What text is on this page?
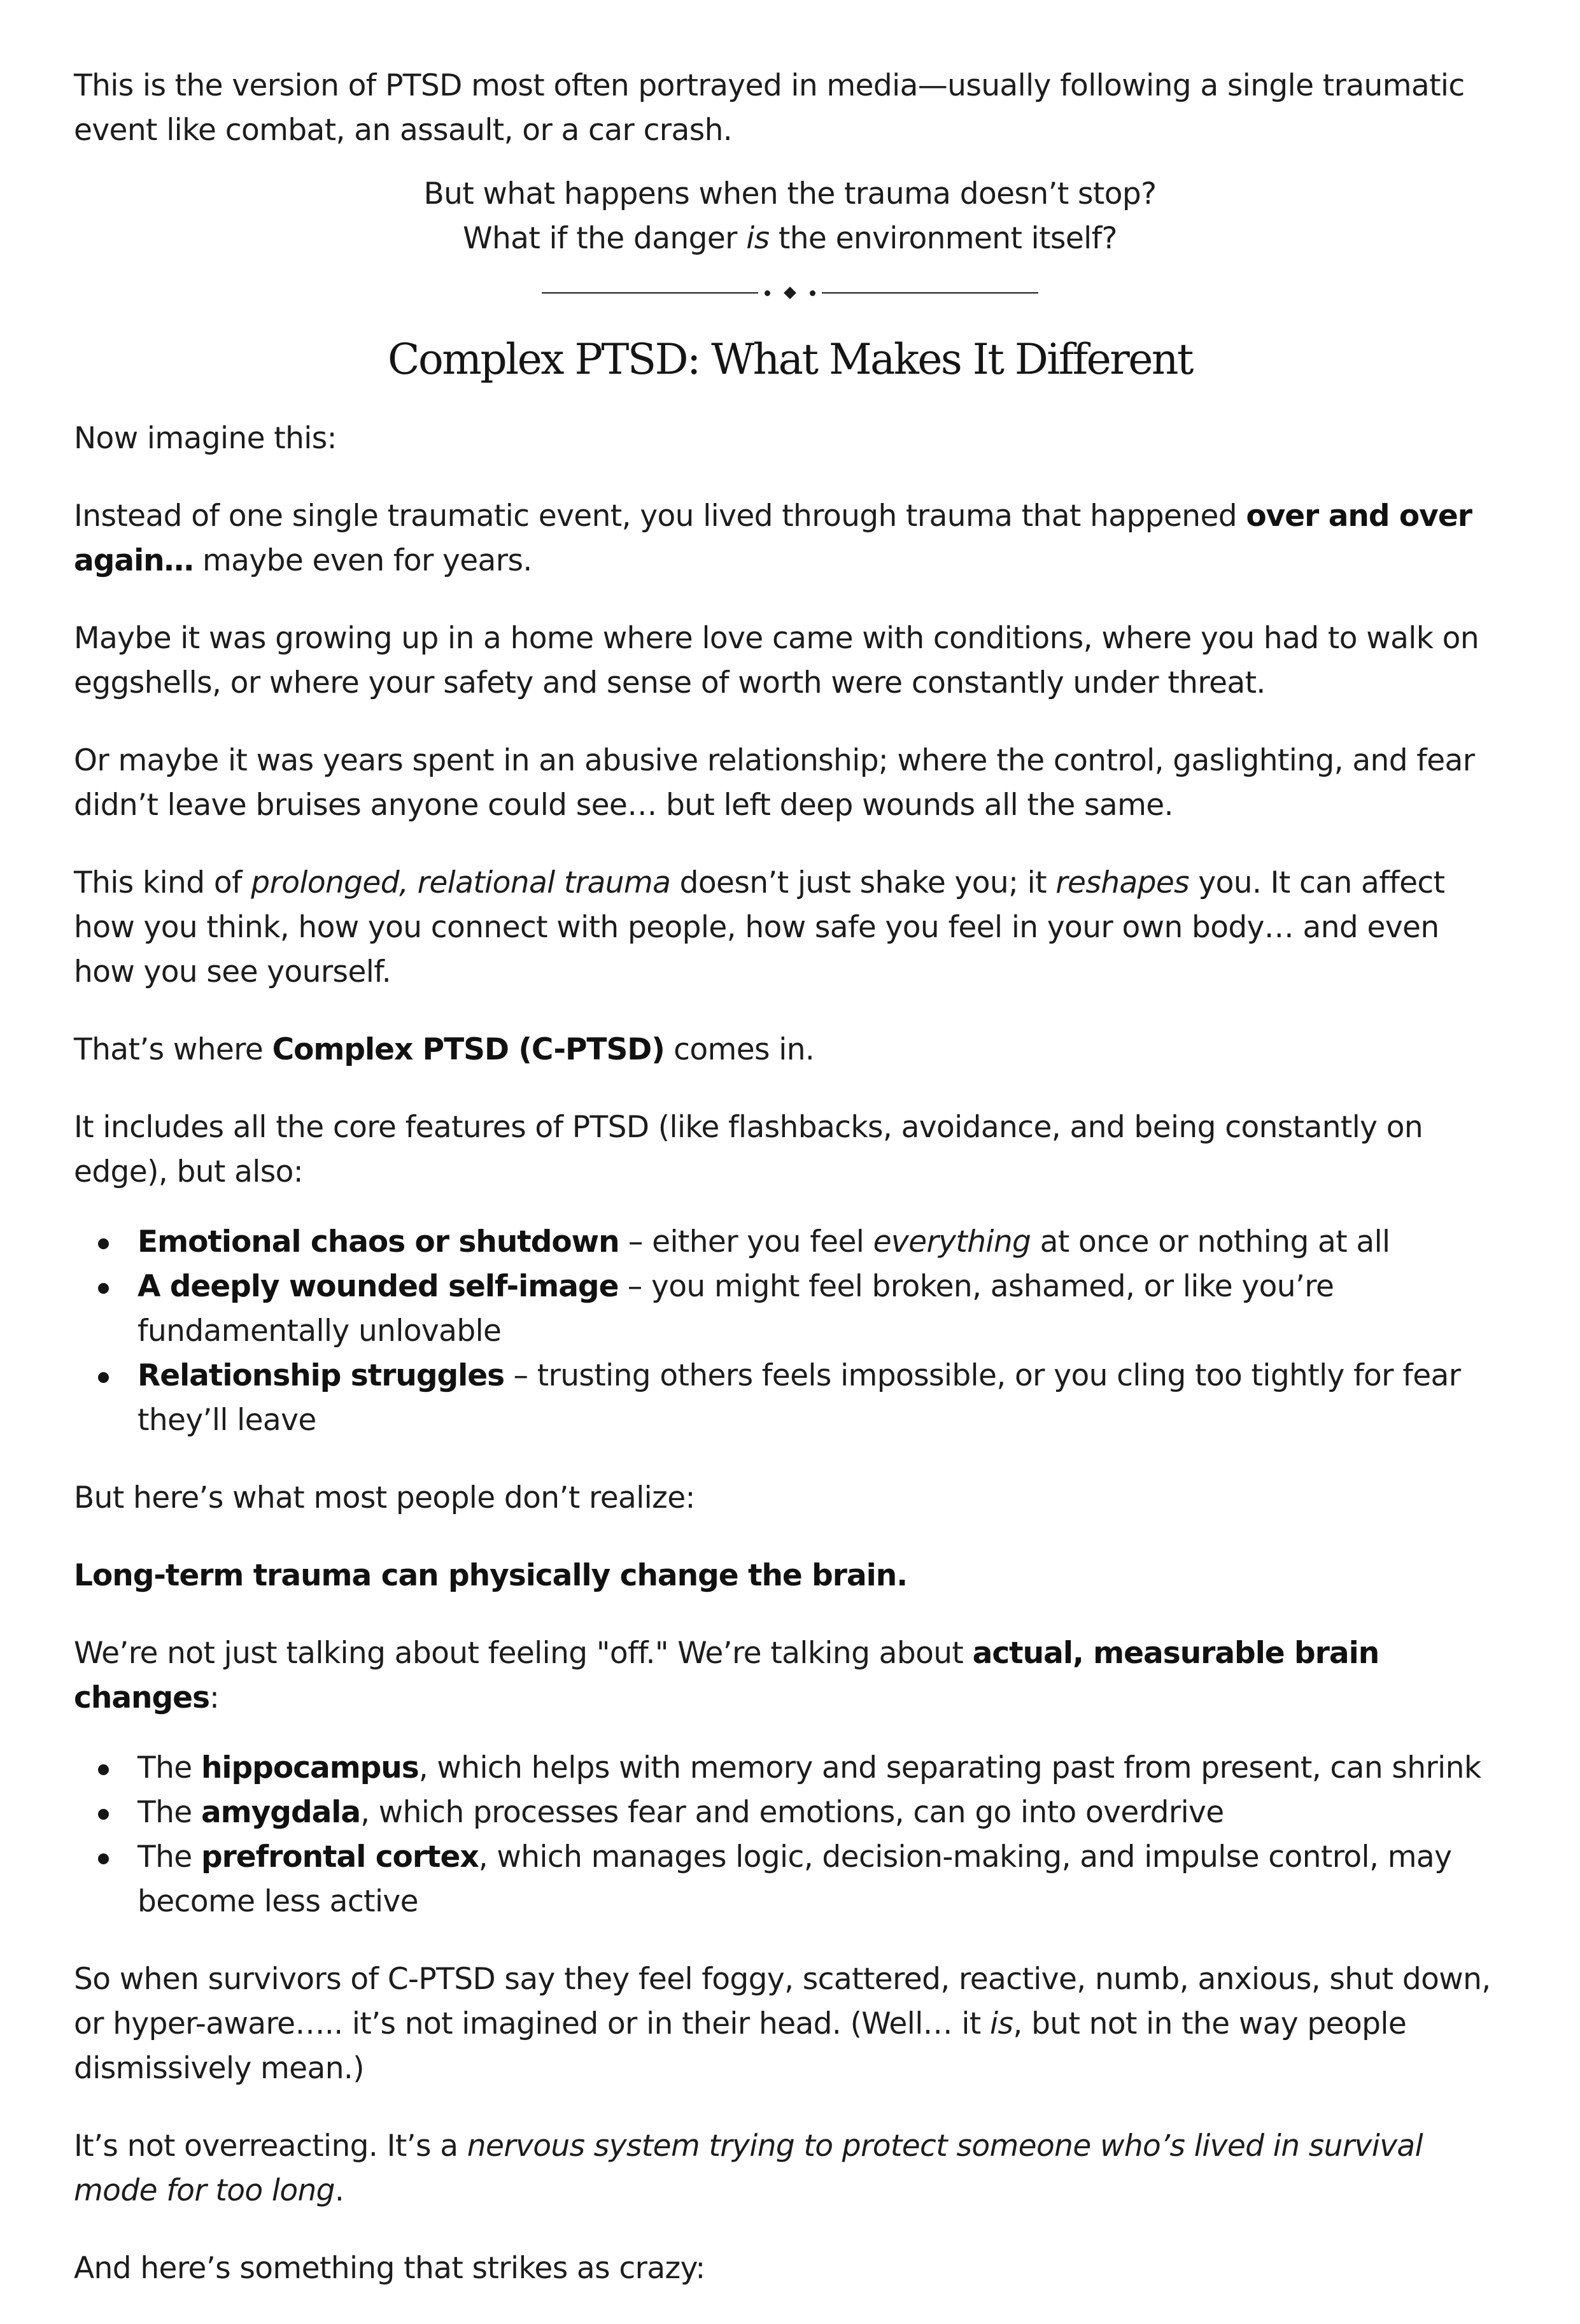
This is the version of PTSD most often portrayed in media—usually following a single traumatic event like combat, an assault, or a car crash.

But what happens when the trauma doesn’t stop?
What if the danger is the environment itself?
Complex PTSD: What Makes It Different

Now imagine this:

Instead of one single traumatic event, you lived through trauma that happened over and over again… maybe even for years.

Maybe it was growing up in a home where love came with conditions, where you had to walk on eggshells, or where your safety and sense of worth were constantly under threat.

Or maybe it was years spent in an abusive relationship; where the control, gaslighting, and fear didn’t leave bruises anyone could see… but left deep wounds all the same.

This kind of prolonged, relational trauma doesn’t just shake you; it reshapes you. It can affect how you think, how you connect with people, how safe you feel in your own body… and even how you see yourself.

That’s where Complex PTSD (C-PTSD) comes in.

It includes all the core features of PTSD (like flashbacks, avoidance, and being constantly on edge), but also:

Emotional chaos or shutdown – either you feel everything at once or nothing at all
A deeply wounded self-image – you might feel broken, ashamed, or like you’re fundamentally unlovable
Relationship struggles – trusting others feels impossible, or you cling too tightly for fear they’ll leave

But here’s what most people don’t realize:

Long-term trauma can physically change the brain.

We’re not just talking about feeling "off." We’re talking about actual, measurable brain changes:

The hippocampus, which helps with memory and separating past from present, can shrink
The amygdala, which processes fear and emotions, can go into overdrive
The prefrontal cortex, which manages logic, decision-making, and impulse control, may become less active

So when survivors of C-PTSD say they feel foggy, scattered, reactive, numb, anxious, shut down, or hyper-aware….. it’s not imagined or in their head. (Well… it is, but not in the way people dismissively mean.)

It’s not overreacting. It’s a nervous system trying to protect someone who’s lived in survival mode for too long.

And here’s something that strikes as crazy:
